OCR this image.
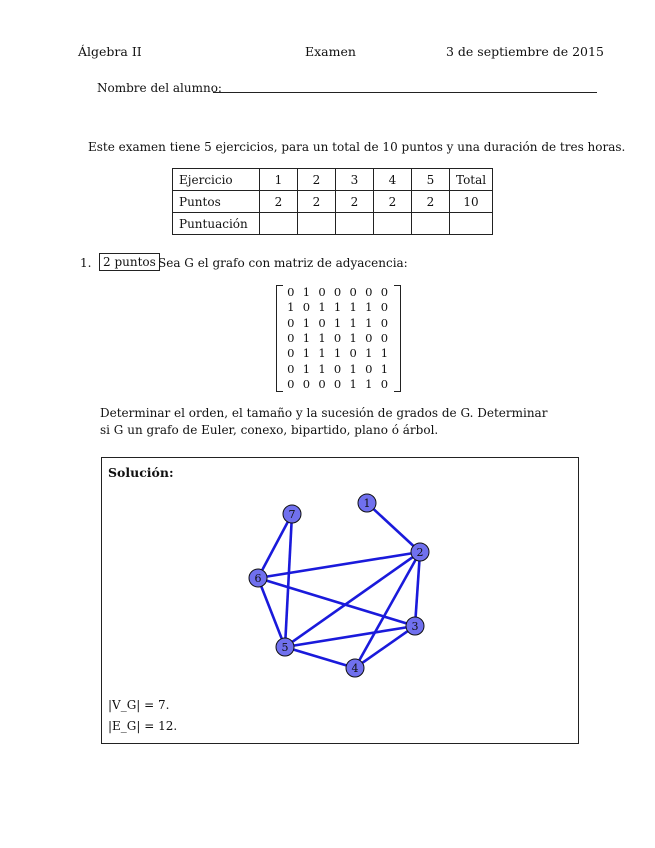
Álgebra II	Examen	3 de septiembre de 2015
Nombre del alumno:
Este examen tiene 5 ejercicios, para un total de 10 puntos y una duración de tres horas.
Ejercicio	1	2	3	4	5	Total
Puntos	2	2	2	2	2	10
Puntuación						
1. 2 puntos Sea G el grafo con matriz de adyacencia:
0 1 0 0 0 0 0
1 0 1 1 1 1 0
0 1 0 1 1 1 0
0 1 1 0 1 0 0
0 1 1 1 0 1 1
0 1 1 0 1 0 1
0 0 0 0 1 1 0
Determinar el orden, el tamaño y la sucesión de grados de G. Determinar si G un grafo de Euler, conexo, bipartido, plano ó árbol.
Solución:
1
2
3
4
5
6
7
|V_G| = 7.
|E_G| = 12.
